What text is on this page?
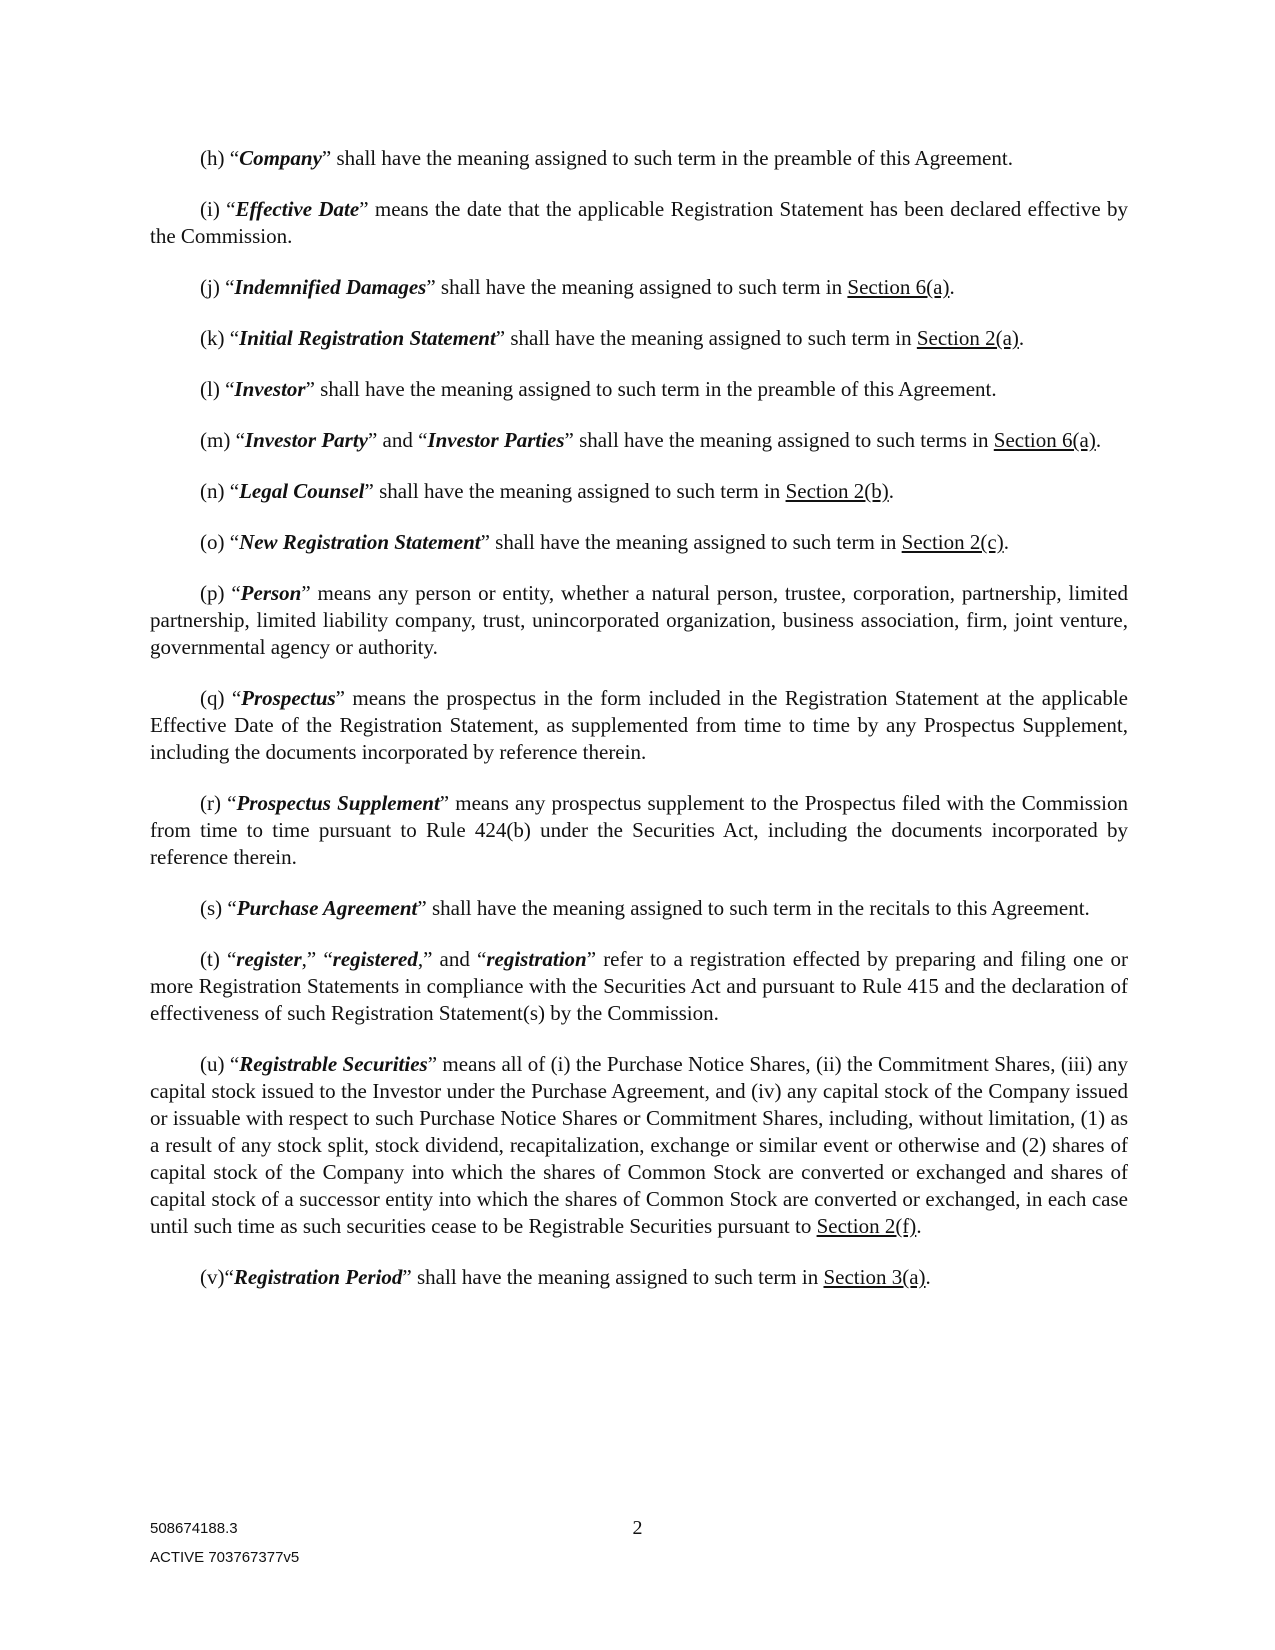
(h) “Company” shall have the meaning assigned to such term in the preamble of this Agreement.

(i) “Effective Date” means the date that the applicable Registration Statement has been declared effective by the Commission.

(j) “Indemnified Damages” shall have the meaning assigned to such term in Section 6(a).

(k) “Initial Registration Statement” shall have the meaning assigned to such term in Section 2(a).

(l) “Investor” shall have the meaning assigned to such term in the preamble of this Agreement.

(m) “Investor Party” and “Investor Parties” shall have the meaning assigned to such terms in Section 6(a).

(n) “Legal Counsel” shall have the meaning assigned to such term in Section 2(b).

(o) “New Registration Statement” shall have the meaning assigned to such term in Section 2(c).

(p) “Person” means any person or entity, whether a natural person, trustee, corporation, partnership, limited partnership, limited liability company, trust, unincorporated organization, business association, firm, joint venture, governmental agency or authority.

(q) “Prospectus” means the prospectus in the form included in the Registration Statement at the applicable Effective Date of the Registration Statement, as supplemented from time to time by any Prospectus Supplement, including the documents incorporated by reference therein.

(r) “Prospectus Supplement” means any prospectus supplement to the Prospectus filed with the Commission from time to time pursuant to Rule 424(b) under the Securities Act, including the documents incorporated by reference therein.

(s) “Purchase Agreement” shall have the meaning assigned to such term in the recitals to this Agreement.

(t) “register,” “registered,” and “registration” refer to a registration effected by preparing and filing one or more Registration Statements in compliance with the Securities Act and pursuant to Rule 415 and the declaration of effectiveness of such Registration Statement(s) by the Commission.

(u) “Registrable Securities” means all of (i) the Purchase Notice Shares, (ii) the Commitment Shares, (iii) any capital stock issued to the Investor under the Purchase Agreement, and (iv) any capital stock of the Company issued or issuable with respect to such Purchase Notice Shares or Commitment Shares, including, without limitation, (1) as a result of any stock split, stock dividend, recapitalization, exchange or similar event or otherwise and (2) shares of capital stock of the Company into which the shares of Common Stock are converted or exchanged and shares of capital stock of a successor entity into which the shares of Common Stock are converted or exchanged, in each case until such time as such securities cease to be Registrable Securities pursuant to Section 2(f).

(v)“Registration Period” shall have the meaning assigned to such term in Section 3(a).

508674188.3
ACTIVE 703767377v5
2
